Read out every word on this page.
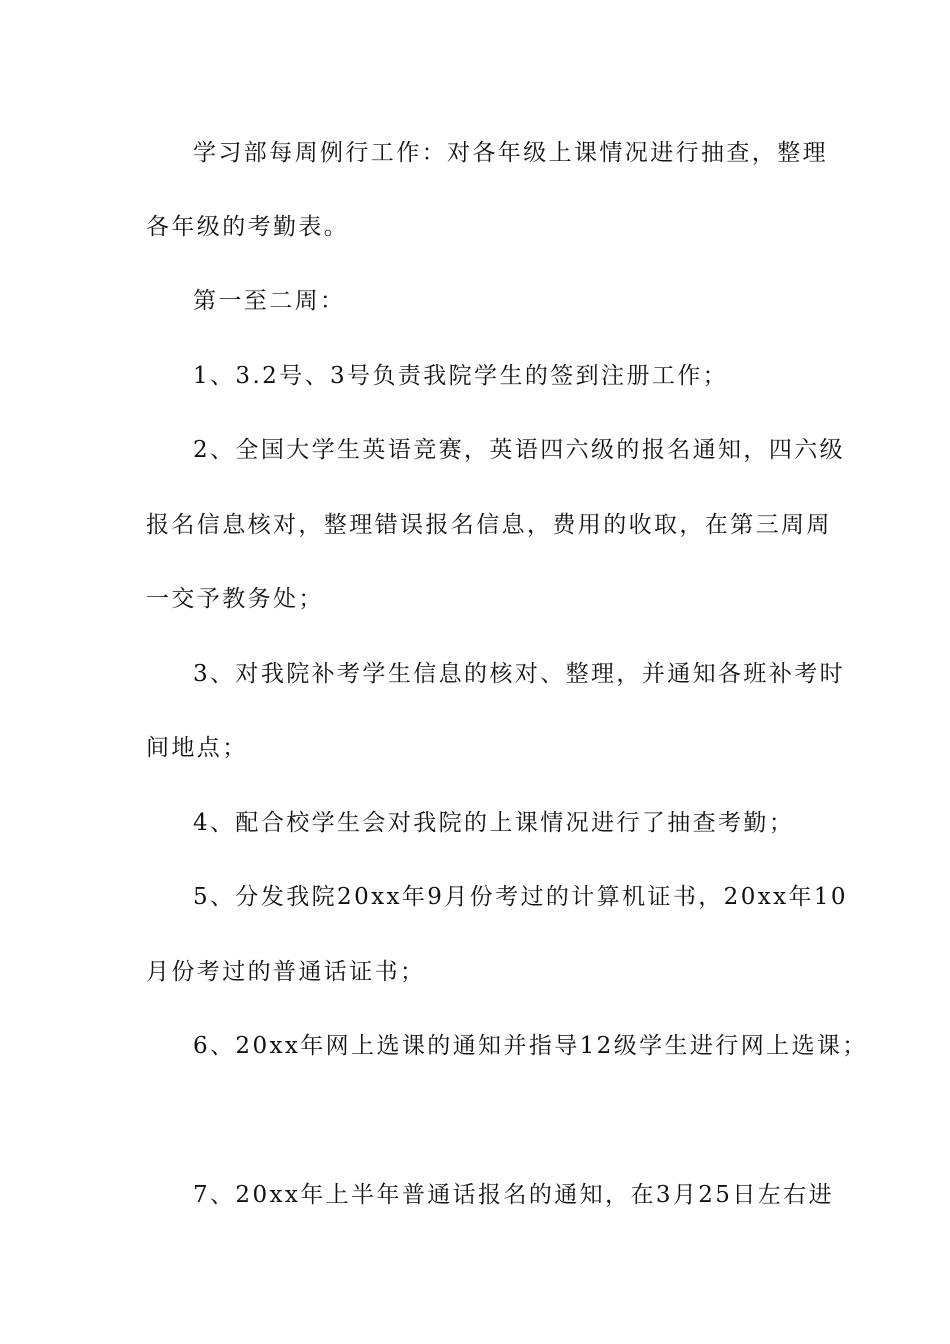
学习部每周例行工作：对各年级上课情况进行抽查，整理
各年级的考勤表。
第一至二周：
1、3.2号、3号负责我院学生的签到注册工作；
2、全国大学生英语竞赛，英语四六级的报名通知，四六级
报名信息核对，整理错误报名信息，费用的收取，在第三周周
一交予教务处；
3、对我院补考学生信息的核对、整理，并通知各班补考时
间地点；
4、配合校学生会对我院的上课情况进行了抽查考勤；
5、分发我院20xx年9月份考过的计算机证书，20xx年10
月份考过的普通话证书；
6、20xx年网上选课的通知并指导12级学生进行网上选课；
7、20xx年上半年普通话报名的通知，在3月25日左右进
